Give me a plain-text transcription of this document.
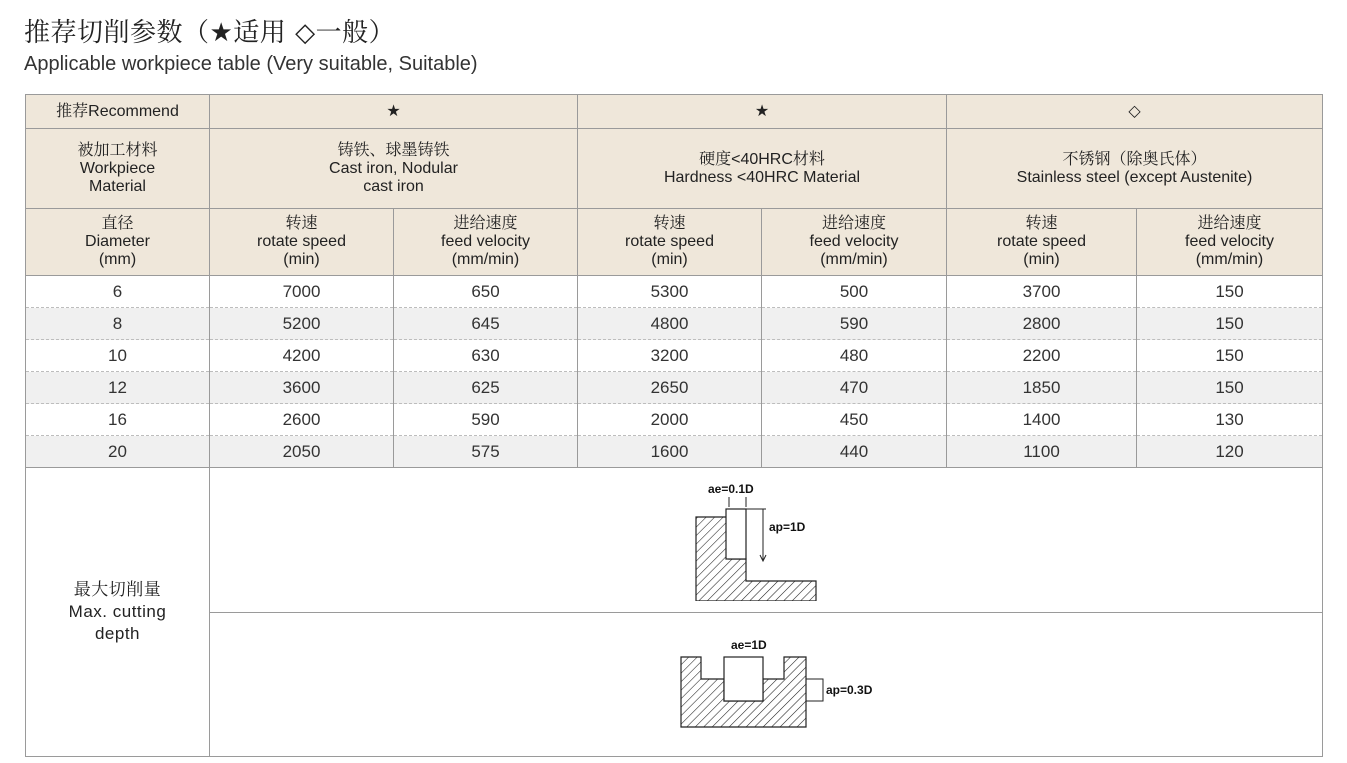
推荐切削参数（★适用 ◇一般）
Applicable workpiece table (Very suitable, Suitable)
推荐Recommend	★		★		◇	

被加工材料
Workpiece
Material	铸铁、球墨铸铁
Cast iron, Nodular
cast iron		硬度<40HRC材料
Hardness <40HRC Material		不锈钢（除奥氏体）
Stainless steel (except Austenite)	

直径
Diameter
(mm)	转速
rotate speed
(min)	进给速度
feed velocity
(mm/min)	转速
rotate speed
(min)	进给速度
feed velocity
(mm/min)	转速
rotate speed
(min)	进给速度
feed velocity
(mm/min)

6	7000	650	5300	500	3700	150
8	5200	645	4800	590	2800	150
10	4200	630	3200	480	2200	150
12	3600	625	2650	470	1850	150
16	2600	590	2000	450	1400	130
20	2050	575	1600	440	1100	120

最大切削量
Max. cutting
depth	ae=0.1D
ap=1D					

ae=1D
ap=0.3D					
